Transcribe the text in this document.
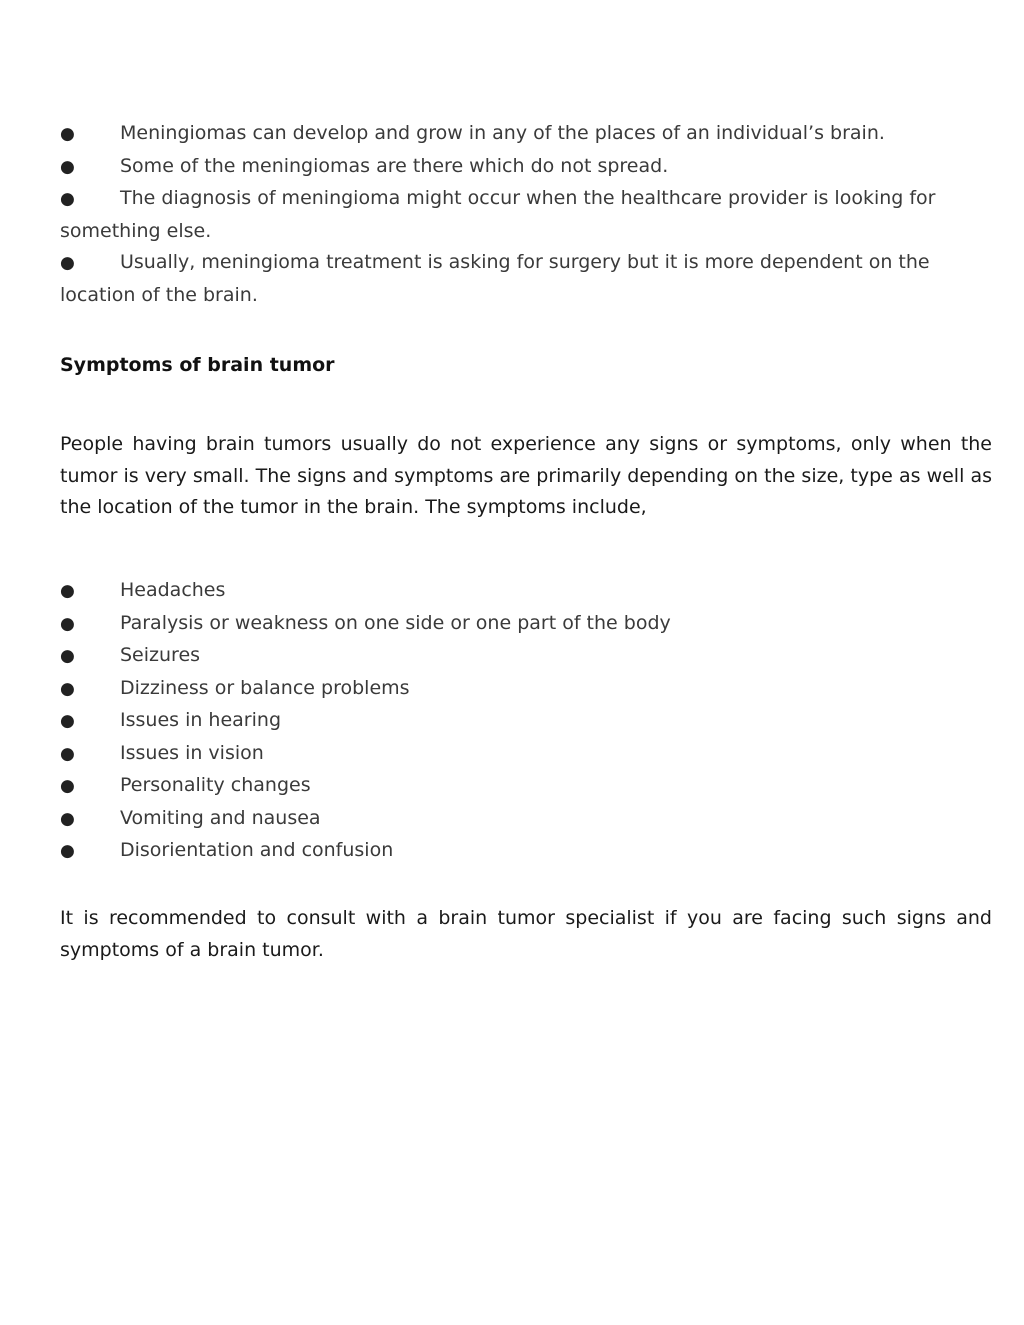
● Meningiomas can develop and grow in any of the places of an individual’s brain.

● Some of the meningiomas are there which do not spread.

● The diagnosis of meningioma might occur when the healthcare provider is looking for something else.

● Usually, meningioma treatment is asking for surgery but it is more dependent on the location of the brain.

Symptoms of brain tumor

People having brain tumors usually do not experience any signs or symptoms, only when the tumor is very small. The signs and symptoms are primarily depending on the size, type as well as the location of the tumor in the brain. The symptoms include,

● Headaches

● Paralysis or weakness on one side or one part of the body

● Seizures

● Dizziness or balance problems

● Issues in hearing

● Issues in vision

● Personality changes

● Vomiting and nausea

● Disorientation and confusion

It is recommended to consult with a brain tumor specialist if you are facing such signs and symptoms of a brain tumor.
